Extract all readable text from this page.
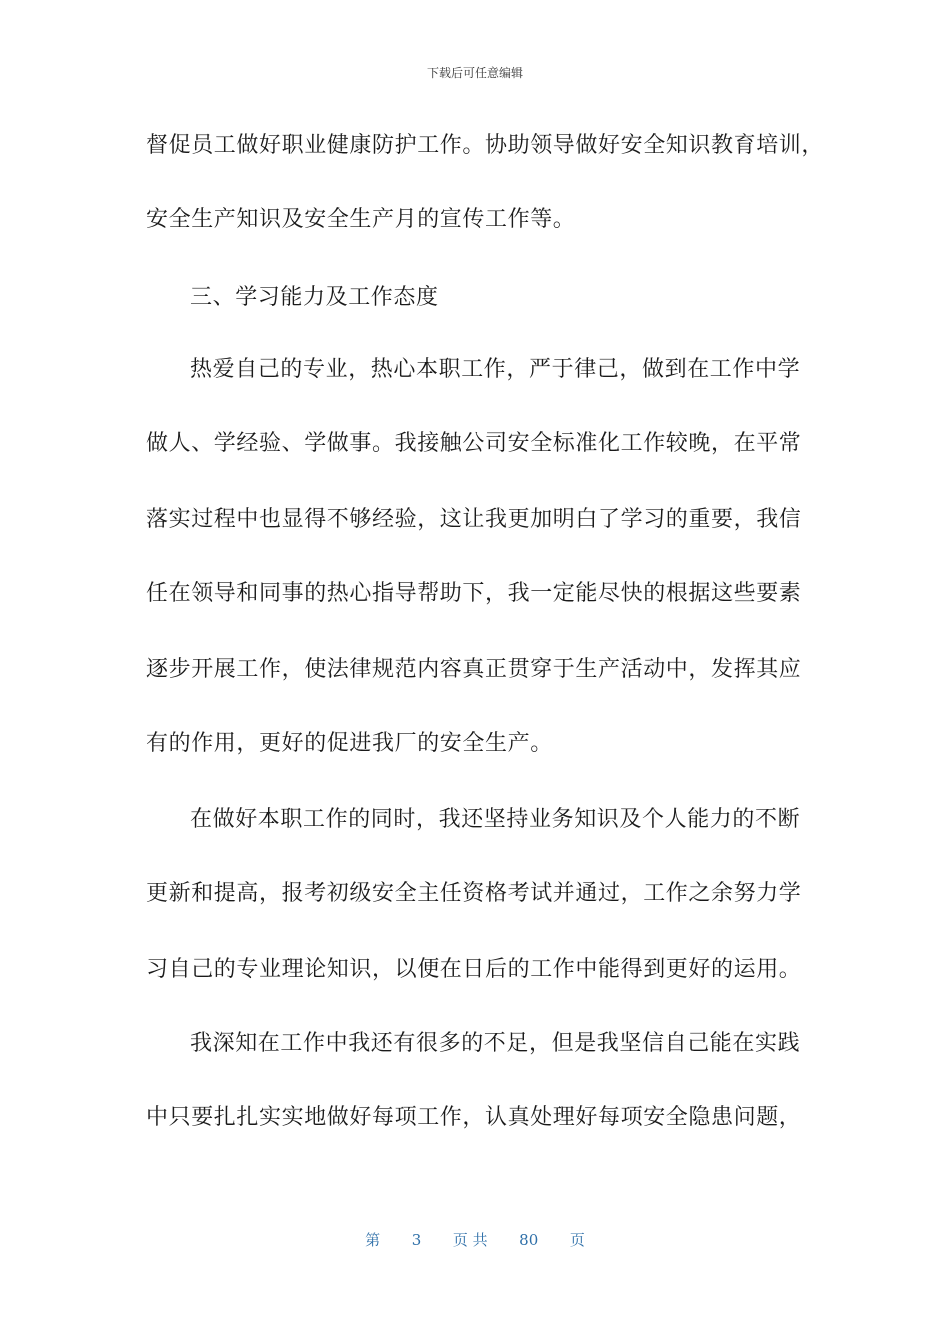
下载后可任意编辑
督促员工做好职业健康防护工作。协助领导做好安全知识教育培训，
安全生产知识及安全生产月的宣传工作等。
三、学习能力及工作态度
热爱自己的专业，热心本职工作，严于律己，做到在工作中学
做人、学经验、学做事。我接触公司安全标准化工作较晚，在平常
落实过程中也显得不够经验，这让我更加明白了学习的重要，我信
任在领导和同事的热心指导帮助下，我一定能尽快的根据这些要素
逐步开展工作，使法律规范内容真正贯穿于生产活动中，发挥其应
有的作用，更好的促进我厂的安全生产。
在做好本职工作的同时，我还坚持业务知识及个人能力的不断
更新和提高，报考初级安全主任资格考试并通过，工作之余努力学
习自己的专业理论知识，以便在日后的工作中能得到更好的运用。
我深知在工作中我还有很多的不足，但是我坚信自己能在实践
中只要扎扎实实地做好每项工作，认真处理好每项安全隐患问题，
第 3 页 共 80 页
